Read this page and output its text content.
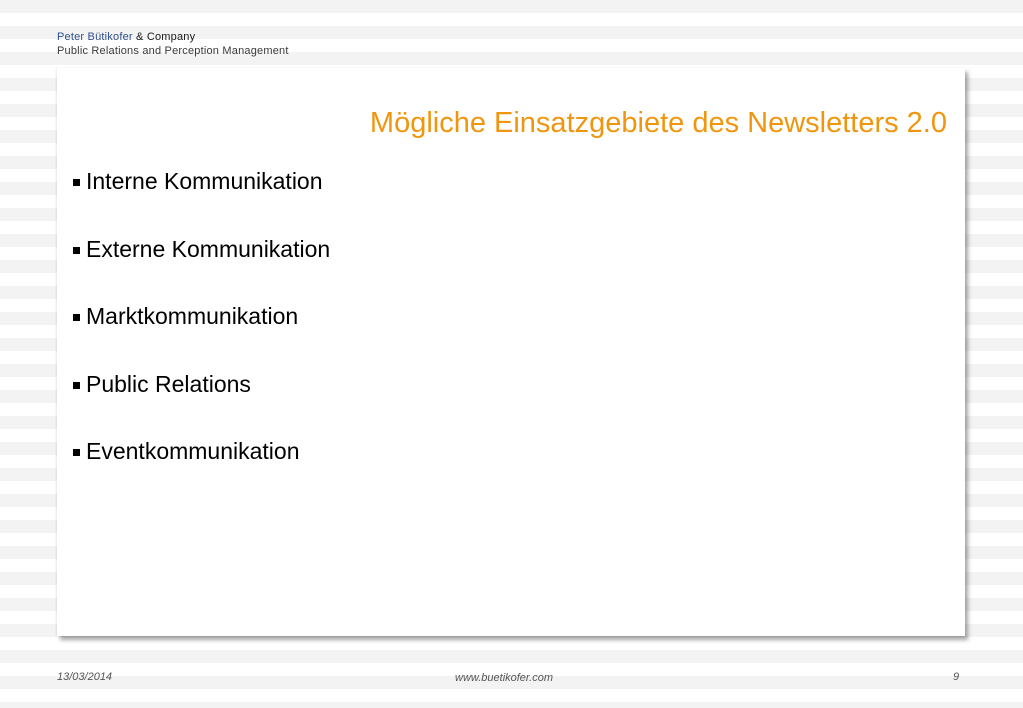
Peter Bütikofer & Company
Public Relations and Perception Management
Mögliche Einsatzgebiete des Newsletters 2.0
Interne Kommunikation
Externe Kommunikation
Marktkommunikation
Public Relations
Eventkommunikation
13/03/2014	www.buetikofer.com	9
